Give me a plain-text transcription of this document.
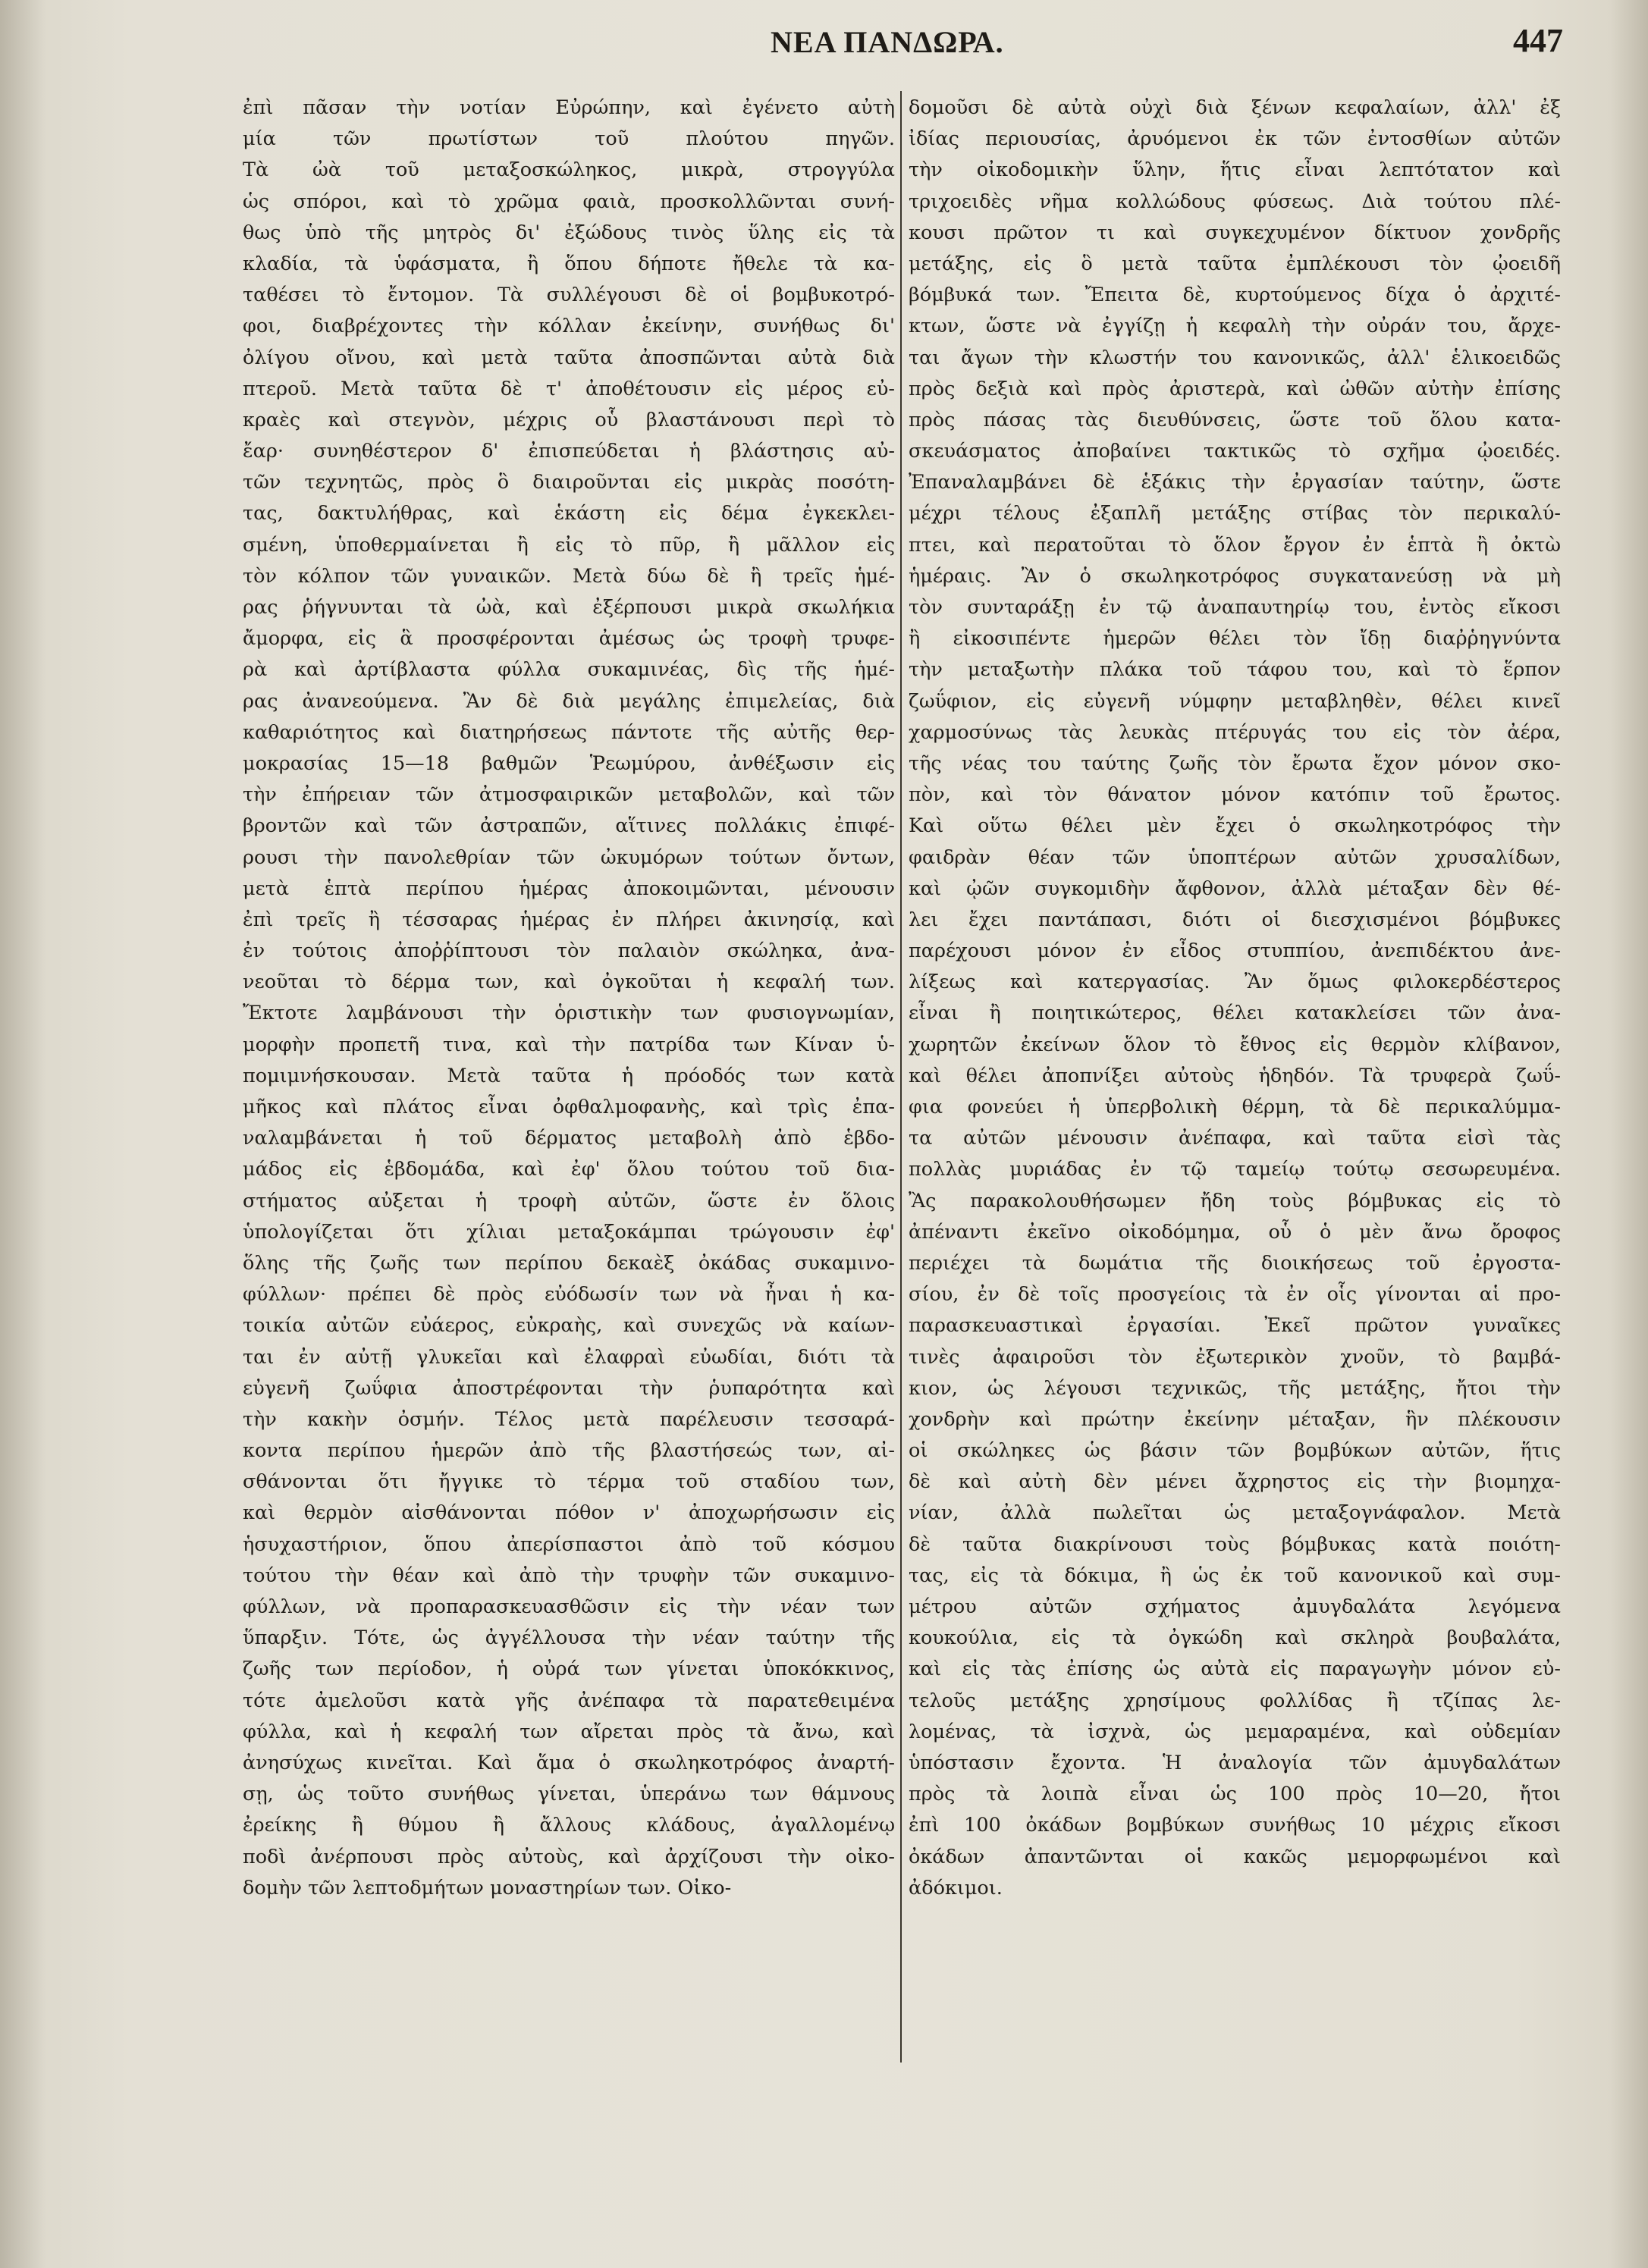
ΝΕΑ ΠΑΝΔΩΡΑ.	447
ἐπὶ πᾶσαν τὴν νοτίαν Εὐρώπην, καὶ ἐγένετο αὐτὴ
μία τῶν πρωτίστων τοῦ πλούτου πηγῶν.
Τὰ ὠὰ τοῦ μεταξοσκώληκος, μικρὰ, στρογγύλα
ὡς σπόροι, καὶ τὸ χρῶμα φαιὰ, προσκολλῶνται συνή-
θως ὑπὸ τῆς μητρὸς δι' ἐξώδους τινὸς ὕλης εἰς τὰ
κλαδία, τὰ ὑφάσματα, ἢ ὅπου δήποτε ἤθελε τὰ κα-
ταθέσει τὸ ἔντομον. Τὰ συλλέγουσι δὲ οἱ βομβυκοτρό-
φοι, διαβρέχοντες τὴν κόλλαν ἐκείνην, συνήθως δι'
ὀλίγου οἴνου, καὶ μετὰ ταῦτα ἀποσπῶνται αὐτὰ διὰ
πτεροῦ. Μετὰ ταῦτα δὲ τ' ἀποθέτουσιν εἰς μέρος εὐ-
κραὲς καὶ στεγνὸν, μέχρις οὗ βλαστάνουσι περὶ τὸ
ἔαρ· συνηθέστερον δ' ἐπισπεύδεται ἡ βλάστησις αὐ-
τῶν τεχνητῶς, πρὸς ὃ διαιροῦνται εἰς μικρὰς ποσότη-
τας, δακτυλήθρας, καὶ ἑκάστη εἰς δέμα ἐγκεκλει-
σμένη, ὑποθερμαίνεται ἢ εἰς τὸ πῦρ, ἢ μᾶλλον εἰς
τὸν κόλπον τῶν γυναικῶν. Μετὰ δύω δὲ ἢ τρεῖς ἡμέ-
ρας ῥήγνυνται τὰ ὠὰ, καὶ ἐξέρπουσι μικρὰ σκωλήκια
ἄμορφα, εἰς ἃ προσφέρονται ἀμέσως ὡς τροφὴ τρυφε-
ρὰ καὶ ἀρτίβλαστα φύλλα συκαμινέας, δὶς τῆς ἡμέ-
ρας ἀνανεούμενα. Ἂν δὲ διὰ μεγάλης ἐπιμελείας, διὰ
καθαριότητος καὶ διατηρήσεως πάντοτε τῆς αὐτῆς θερ-
μοκρασίας 15—18 βαθμῶν Ῥεωμύρου, ἀνθέξωσιν εἰς
τὴν ἐπήρειαν τῶν ἀτμοσφαιρικῶν μεταβολῶν, καὶ τῶν
βροντῶν καὶ τῶν ἀστραπῶν, αἵτινες πολλάκις ἐπιφέ-
ρουσι τὴν πανολεθρίαν τῶν ὠκυμόρων τούτων ὄντων,
μετὰ ἑπτὰ περίπου ἡμέρας ἀποκοιμῶνται, μένουσιν
ἐπὶ τρεῖς ἢ τέσσαρας ἡμέρας ἐν πλήρει ἀκινησίᾳ, καὶ
ἐν τούτοις ἀποῤῥίπτουσι τὸν παλαιὸν σκώληκα, ἀνα-
νεοῦται τὸ δέρμα των, καὶ ὀγκοῦται ἡ κεφαλή των.
Ἔκτοτε λαμβάνουσι τὴν ὁριστικὴν των φυσιογνωμίαν,
μορφὴν προπετῆ τινα, καὶ τὴν πατρίδα των Κίναν ὑ-
πομιμνήσκουσαν. Μετὰ ταῦτα ἡ πρόοδός των κατὰ
μῆκος καὶ πλάτος εἶναι ὀφθαλμοφανὴς, καὶ τρὶς ἐπα-
ναλαμβάνεται ἡ τοῦ δέρματος μεταβολὴ ἀπὸ ἑβδο-
μάδος εἰς ἑβδομάδα, καὶ ἐφ' ὅλου τούτου τοῦ δια-
στήματος αὐξεται ἡ τροφὴ αὐτῶν, ὥστε ἐν ὅλοις
ὑπολογίζεται ὅτι χίλιαι μεταξοκάμπαι τρώγουσιν ἐφ'
ὅλης τῆς ζωῆς των περίπου δεκαὲξ ὀκάδας συκαμινο-
φύλλων· πρέπει δὲ πρὸς εὐόδωσίν των νὰ ἦναι ἡ κα-
τοικία αὐτῶν εὐάερος, εὐκραὴς, καὶ συνεχῶς νὰ καίων-
ται ἐν αὐτῇ γλυκεῖαι καὶ ἐλαφραὶ εὐωδίαι, διότι τὰ
εὐγενῆ ζωΰφια ἀποστρέφονται τὴν ῥυπαρότητα καὶ
τὴν κακὴν ὀσμήν. Τέλος μετὰ παρέλευσιν τεσσαρά-
κοντα περίπου ἡμερῶν ἀπὸ τῆς βλαστήσεώς των, αἰ-
σθάνονται ὅτι ἤγγικε τὸ τέρμα τοῦ σταδίου των,
καὶ θερμὸν αἰσθάνονται πόθον ν' ἀποχωρήσωσιν εἰς
ἡσυχαστήριον, ὅπου ἀπερίσπαστοι ἀπὸ τοῦ κόσμου
τούτου τὴν θέαν καὶ ἀπὸ τὴν τρυφὴν τῶν συκαμινο-
φύλλων, νὰ προπαρασκευασθῶσιν εἰς τὴν νέαν των
ὕπαρξιν. Τότε, ὡς ἀγγέλλουσα τὴν νέαν ταύτην τῆς
ζωῆς των περίοδον, ἡ οὐρά των γίνεται ὑποκόκκινος,
τότε ἀμελοῦσι κατὰ γῆς ἀνέπαφα τὰ παρατεθειμένα
φύλλα, καὶ ἡ κεφαλή των αἴρεται πρὸς τὰ ἄνω, καὶ
ἀνησύχως κινεῖται. Καὶ ἅμα ὁ σκωληκοτρόφος ἀναρτή-
σῃ, ὡς τοῦτο συνήθως γίνεται, ὑπεράνω των θάμνους
ἐρείκης ἢ θύμου ἢ ἄλλους κλάδους, ἀγαλλομένῳ
ποδὶ ἀνέρπουσι πρὸς αὐτοὺς, καὶ ἀρχίζουσι τὴν οἰκο-
δομὴν τῶν λεπτοδμήτων μοναστηρίων των. Οἰκο-
δομοῦσι δὲ αὐτὰ οὐχὶ διὰ ξένων κεφαλαίων, ἀλλ' ἐξ
ἰδίας περιουσίας, ἀρυόμενοι ἐκ τῶν ἐντοσθίων αὐτῶν
τὴν οἰκοδομικὴν ὕλην, ἥτις εἶναι λεπτότατον καὶ
τριχοειδὲς νῆμα κολλώδους φύσεως. Διὰ τούτου πλέ-
κουσι πρῶτον τι καὶ συγκεχυμένον δίκτυον χονδρῆς
μετάξης, εἰς ὃ μετὰ ταῦτα ἐμπλέκουσι τὸν ᾠοειδῆ
βόμβυκά των. Ἔπειτα δὲ, κυρτούμενος δίχα ὁ ἀρχιτέ-
κτων, ὥστε νὰ ἐγγίζῃ ἡ κεφαλὴ τὴν οὐράν του, ἄρχε-
ται ἄγων τὴν κλωστήν του κανονικῶς, ἀλλ' ἑλικοειδῶς
πρὸς δεξιὰ καὶ πρὸς ἀριστερὰ, καὶ ὠθῶν αὐτὴν ἐπίσης
πρὸς πάσας τὰς διευθύνσεις, ὥστε τοῦ ὅλου κατα-
σκευάσματος ἀποβαίνει τακτικῶς τὸ σχῆμα ᾠοειδές.
Ἐπαναλαμβάνει δὲ ἑξάκις τὴν ἐργασίαν ταύτην, ὥστε
μέχρι τέλους ἐξαπλῆ μετάξης στίβας τὸν περικαλύ-
πτει, καὶ περατοῦται τὸ ὅλον ἔργον ἐν ἑπτὰ ἢ ὀκτὼ
ἡμέραις. Ἂν ὁ σκωληκοτρόφος συγκατανεύσῃ νὰ μὴ
τὸν συνταράξῃ ἐν τῷ ἀναπαυτηρίῳ του, ἐντὸς εἴκοσι
ἢ εἰκοσιπέντε ἡμερῶν θέλει τὸν ἴδῃ διαῤῥηγνύντα
τὴν μεταξωτὴν πλάκα τοῦ τάφου του, καὶ τὸ ἕρπον
ζωΰφιον, εἰς εὐγενῆ νύμφην μεταβληθὲν, θέλει κινεῖ
χαρμοσύνως τὰς λευκὰς πτέρυγάς του εἰς τὸν ἀέρα,
τῆς νέας του ταύτης ζωῆς τὸν ἔρωτα ἔχον μόνον σκο-
πὸν, καὶ τὸν θάνατον μόνον κατόπιν τοῦ ἔρωτος.
Καὶ οὕτω θέλει μὲν ἔχει ὁ σκωληκοτρόφος τὴν
φαιδρὰν θέαν τῶν ὑποπτέρων αὐτῶν χρυσαλίδων,
καὶ ᾠῶν συγκομιδὴν ἄφθονον, ἀλλὰ μέταξαν δὲν θέ-
λει ἔχει παντάπασι, διότι οἱ διεσχισμένοι βόμβυκες
παρέχουσι μόνον ἐν εἶδος στυππίου, ἀνεπιδέκτου ἀνε-
λίξεως καὶ κατεργασίας. Ἂν ὅμως φιλοκερδέστερος
εἶναι ἢ ποιητικώτερος, θέλει κατακλείσει τῶν ἀνα-
χωρητῶν ἐκείνων ὅλον τὸ ἔθνος εἰς θερμὸν κλίβανον,
καὶ θέλει ἀποπνίξει αὐτοὺς ἡδηδόν. Τὰ τρυφερὰ ζωΰ-
φια φονεύει ἡ ὑπερβολικὴ θέρμη, τὰ δὲ περικαλύμμα-
τα αὐτῶν μένουσιν ἀνέπαφα, καὶ ταῦτα εἰσὶ τὰς
πολλὰς μυριάδας ἐν τῷ ταμείῳ τούτῳ σεσωρευμένα.
Ἂς παρακολουθήσωμεν ἤδη τοὺς βόμβυκας εἰς τὸ
ἀπέναντι ἐκεῖνο οἰκοδόμημα, οὗ ὁ μὲν ἄνω ὄροφος
περιέχει τὰ δωμάτια τῆς διοικήσεως τοῦ ἐργοστα-
σίου, ἐν δὲ τοῖς προσγείοις τὰ ἐν οἷς γίνονται αἱ προ-
παρασκευαστικαὶ ἐργασίαι. Ἐκεῖ πρῶτον γυναῖκες
τινὲς ἀφαιροῦσι τὸν ἐξωτερικὸν χνοῦν, τὸ βαμβά-
κιον, ὡς λέγουσι τεχνικῶς, τῆς μετάξης, ἤτοι τὴν
χονδρὴν καὶ πρώτην ἐκείνην μέταξαν, ἣν πλέκουσιν
οἱ σκώληκες ὡς βάσιν τῶν βομβύκων αὐτῶν, ἥτις
δὲ καὶ αὐτὴ δὲν μένει ἄχρηστος εἰς τὴν βιομηχα-
νίαν, ἀλλὰ πωλεῖται ὡς μεταξογνάφαλον. Μετὰ
δὲ ταῦτα διακρίνουσι τοὺς βόμβυκας κατὰ ποιότη-
τας, εἰς τὰ δόκιμα, ἢ ὡς ἐκ τοῦ κανονικοῦ καὶ συμ-
μέτρου αὐτῶν σχήματος ἀμυγδαλάτα λεγόμενα
κουκούλια, εἰς τὰ ὀγκώδη καὶ σκληρὰ βουβαλάτα,
καὶ εἰς τὰς ἐπίσης ὡς αὐτὰ εἰς παραγωγὴν μόνον εὐ-
τελοῦς μετάξης χρησίμους φολλίδας ἢ τζίπας λε-
λομένας, τὰ ἰσχνὰ, ὡς μεμαραμένα, καὶ οὐδεμίαν
ὑπόστασιν ἔχοντα. Ἡ ἀναλογία τῶν ἀμυγδαλάτων
πρὸς τὰ λοιπὰ εἶναι ὡς 100 πρὸς 10—20, ἤτοι
ἐπὶ 100 ὀκάδων βομβύκων συνήθως 10 μέχρις εἴκοσι
ὀκάδων ἀπαντῶνται οἱ κακῶς μεμορφωμένοι καὶ
ἀδόκιμοι.
